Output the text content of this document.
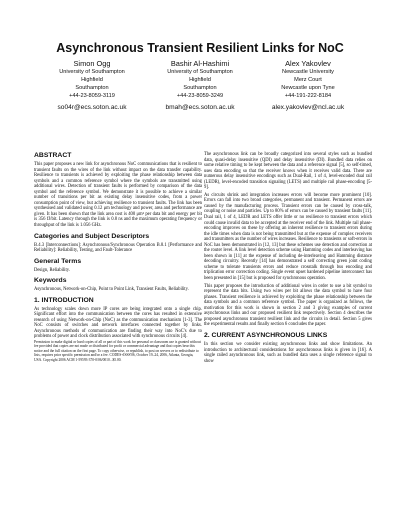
Asynchronous Transient Resilient Links for NoC
Simon Ogg
University of Southampton
Highfield
Southampton
+44-23-8059-3119
so04r@ecs.soton.ac.uk
Bashir Al-Hashimi
University of Southampton
Highfield
Southampton
+44-23-8059-3249
bmah@ecs.soton.ac.uk
Alex Yakovlev
Newcastle University
Merz Court
Newcastle upon Tyne
+44-191-222-8184
alex.yakovlev@ncl.ac.uk
ABSTRACT

This paper proposes a new link for asynchronous NoC communications that is resilient to transient faults on the wires of the link without impact on the data transfer capability. Resilience to transients is achieved by exploiting the phase relationship between data symbols and a common reference symbol where the symbols are transmitted using additional wires. Detection of transient faults is performed by comparison of the data symbol and the reference symbol. We demonstrate it is possible to achieve a similar number of transitions per bit as existing delay insensitive codes, from a power consumption point of view, but achieving resilience to transient faults. The link has been synthesised and validated using 0.12 μm technology and power, area and performance are given. It has been shown that the link area cost is 400 μm² per data bit and energy per bit is 356 fJ/bit. Latency through the link is 0.8 ns and the maximum operating frequency or throughput of the link is 1.056 GHz.

Categories and Subject Descriptors

B.4.3 [Interconnections]: Asynchronous/Synchronous Operation B.8.1 [Performance and Reliability]: Reliability, Testing, and Fault-Tolerance

General Terms

Design, Reliability.

Keywords

Asynchronous, Network-on-Chip, Point to Point Link, Transient Faults, Reliability.

1. INTRODUCTION

As technology scales down more IP cores are being integrated onto a single chip. Significant effort into the communication between the cores has resulted in extensive research of using Network-on-Chip (NoC) as the communication mechanism [1-3]. The NoC consists of switches and network interfaces connected together by links. Asynchronous methods of communication are finding their way into NoC's due to problems of power and clock distribution associated with synchronous circuits [4].

Permission to make digital or hard copies of all or part of this work for personal or classroom use is granted without fee provided that copies are not made or distributed for profit or commercial advantage and that copies bear this notice and the full citation on the first page. To copy otherwise, or republish, to post on servers or to redistribute to lists, requires prior specific permission and/or a fee. CODES+ISSS'06, October 19–24, 2006, Atlanta, Georgia, USA. Copyright 2006 ACM 1-59593-370-0/06/0010...$5.00.

The asynchronous link can be broadly categorized into several styles such as bundled data, quasi-delay insensitive (QDI) and delay insensitive (DI). Bundled data relies on some relative timing to be kept between the data and a reference signal [5], so self-timed, uses data encoding so that the receiver knows when it receives valid data. There are numerous delay insensitive encodings such as Dual-Rail, 1 of 4, level-encoded dual rail (LEDR), level-encoded transition signaling (LETS) and multiple rail phase-encoding [5-9].

As circuits shrink and integration increases errors will become more prominent [10]. Errors can fall into two broad categories, permanent and transient. Permanent errors are caused by the manufacturing process. Transient errors can be caused by cross-talk, coupling or noise and particles. Up to 80% of errors can be caused by transient faults [11]. Dual rail, 1 of 4, LEDR and LETS offer little or no resilience to transient errors which could cause invalid data to be accepted at the receiver end of the link. Multiple rail phase-encoding improves on these by offering an inherent resilience to transient errors during the idle times when data is not being transmitted but at the expense of complex receivers and transmitters as the number of wires increases. Resilience to transients or soft-errors in NoC has been demonstrated in [12, 13] but these schemes use detection and correction at the router level. A link level detection scheme using Hamming codes and interleaving has been shown in [11] at the expense of including de-interleaving and Hamming distance decoding circuitry. Recently [14] has demonstrated a self correcting green joint coding scheme to tolerate transients errors and reduce crosstalk through bus encoding and triplication error correction coding. Single event upset hardened pipeline interconnect has been presented in [15] but is proposed for synchronous operation.

This paper proposes the introduction of additional wires in order to use a bit symbol to represent the data bits. Using two wires per bit allows the data symbol to have four phases. Transient resilience is achieved by exploiting the phase relationship between the data symbols and a common reference symbol. The paper is organized as follows, the motivation for this work is shown in section 2 and 3 giving examples of current asynchronous links and our proposed resilient link respectively. Section 4 describes the proposed asynchronous transient resilient link and the circuits in detail. Section 5 gives the experimental results and finally section 6 concludes the paper.

2. CURRENT ASYNCHRONOUS LINKS

In this section we consider existing asynchronous links and show limitations. An introduction to architectural considerations for asynchronous links is given in [16]. A single railed asynchronous link, such as bundled data uses a single reference signal to show
